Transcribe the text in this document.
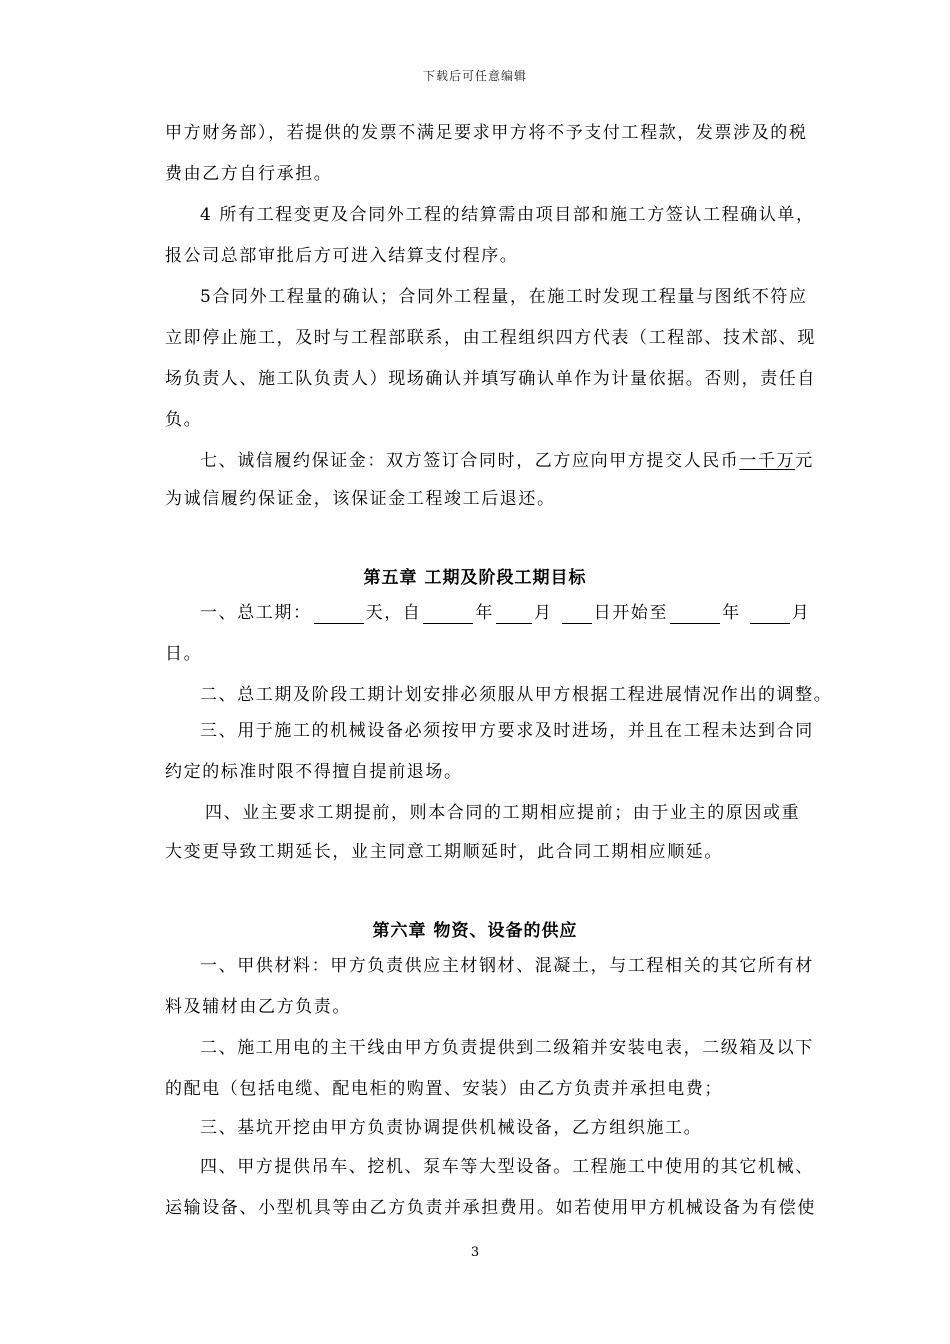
下载后可任意编辑
甲方财务部），若提供的发票不满足要求甲方将不予支付工程款，发票涉及的税
费由乙方自行承担。
4 所有工程变更及合同外工程的结算需由项目部和施工方签认工程确认单，
报公司总部审批后方可进入结算支付程序。
5合同外工程量的确认；合同外工程量，在施工时发现工程量与图纸不符应
立即停止施工，及时与工程部联系，由工程组织四方代表（工程部、技术部、现
场负责人、施工队负责人）现场确认并填写确认单作为计量依据。否则，责任自
负。
七、诚信履约保证金：双方签订合同时，乙方应向甲方提交人民币一千万元
为诚信履约保证金，该保证金工程竣工后退还。
第五章 工期及阶段工期目标
一、总工期：	天，自	年 月 日开始至	年	月
日。
二、总工期及阶段工期计划安排必须服从甲方根据工程进展情况作出的调整。
三、用于施工的机械设备必须按甲方要求及时进场，并且在工程未达到合同
约定的标准时限不得擅自提前退场。
四、业主要求工期提前，则本合同的工期相应提前；由于业主的原因或重
大变更导致工期延长，业主同意工期顺延时，此合同工期相应顺延。
第六章 物资、设备的供应
一、甲供材料：甲方负责供应主材钢材、混凝土，与工程相关的其它所有材
料及辅材由乙方负责。
二、施工用电的主干线由甲方负责提供到二级箱并安装电表，二级箱及以下
的配电（包括电缆、配电柜的购置、安装）由乙方负责并承担电费；
三、基坑开挖由甲方负责协调提供机械设备，乙方组织施工。
四、甲方提供吊车、挖机、泵车等大型设备。工程施工中使用的其它机械、
运输设备、小型机具等由乙方负责并承担费用。如若使用甲方机械设备为有偿使
3
